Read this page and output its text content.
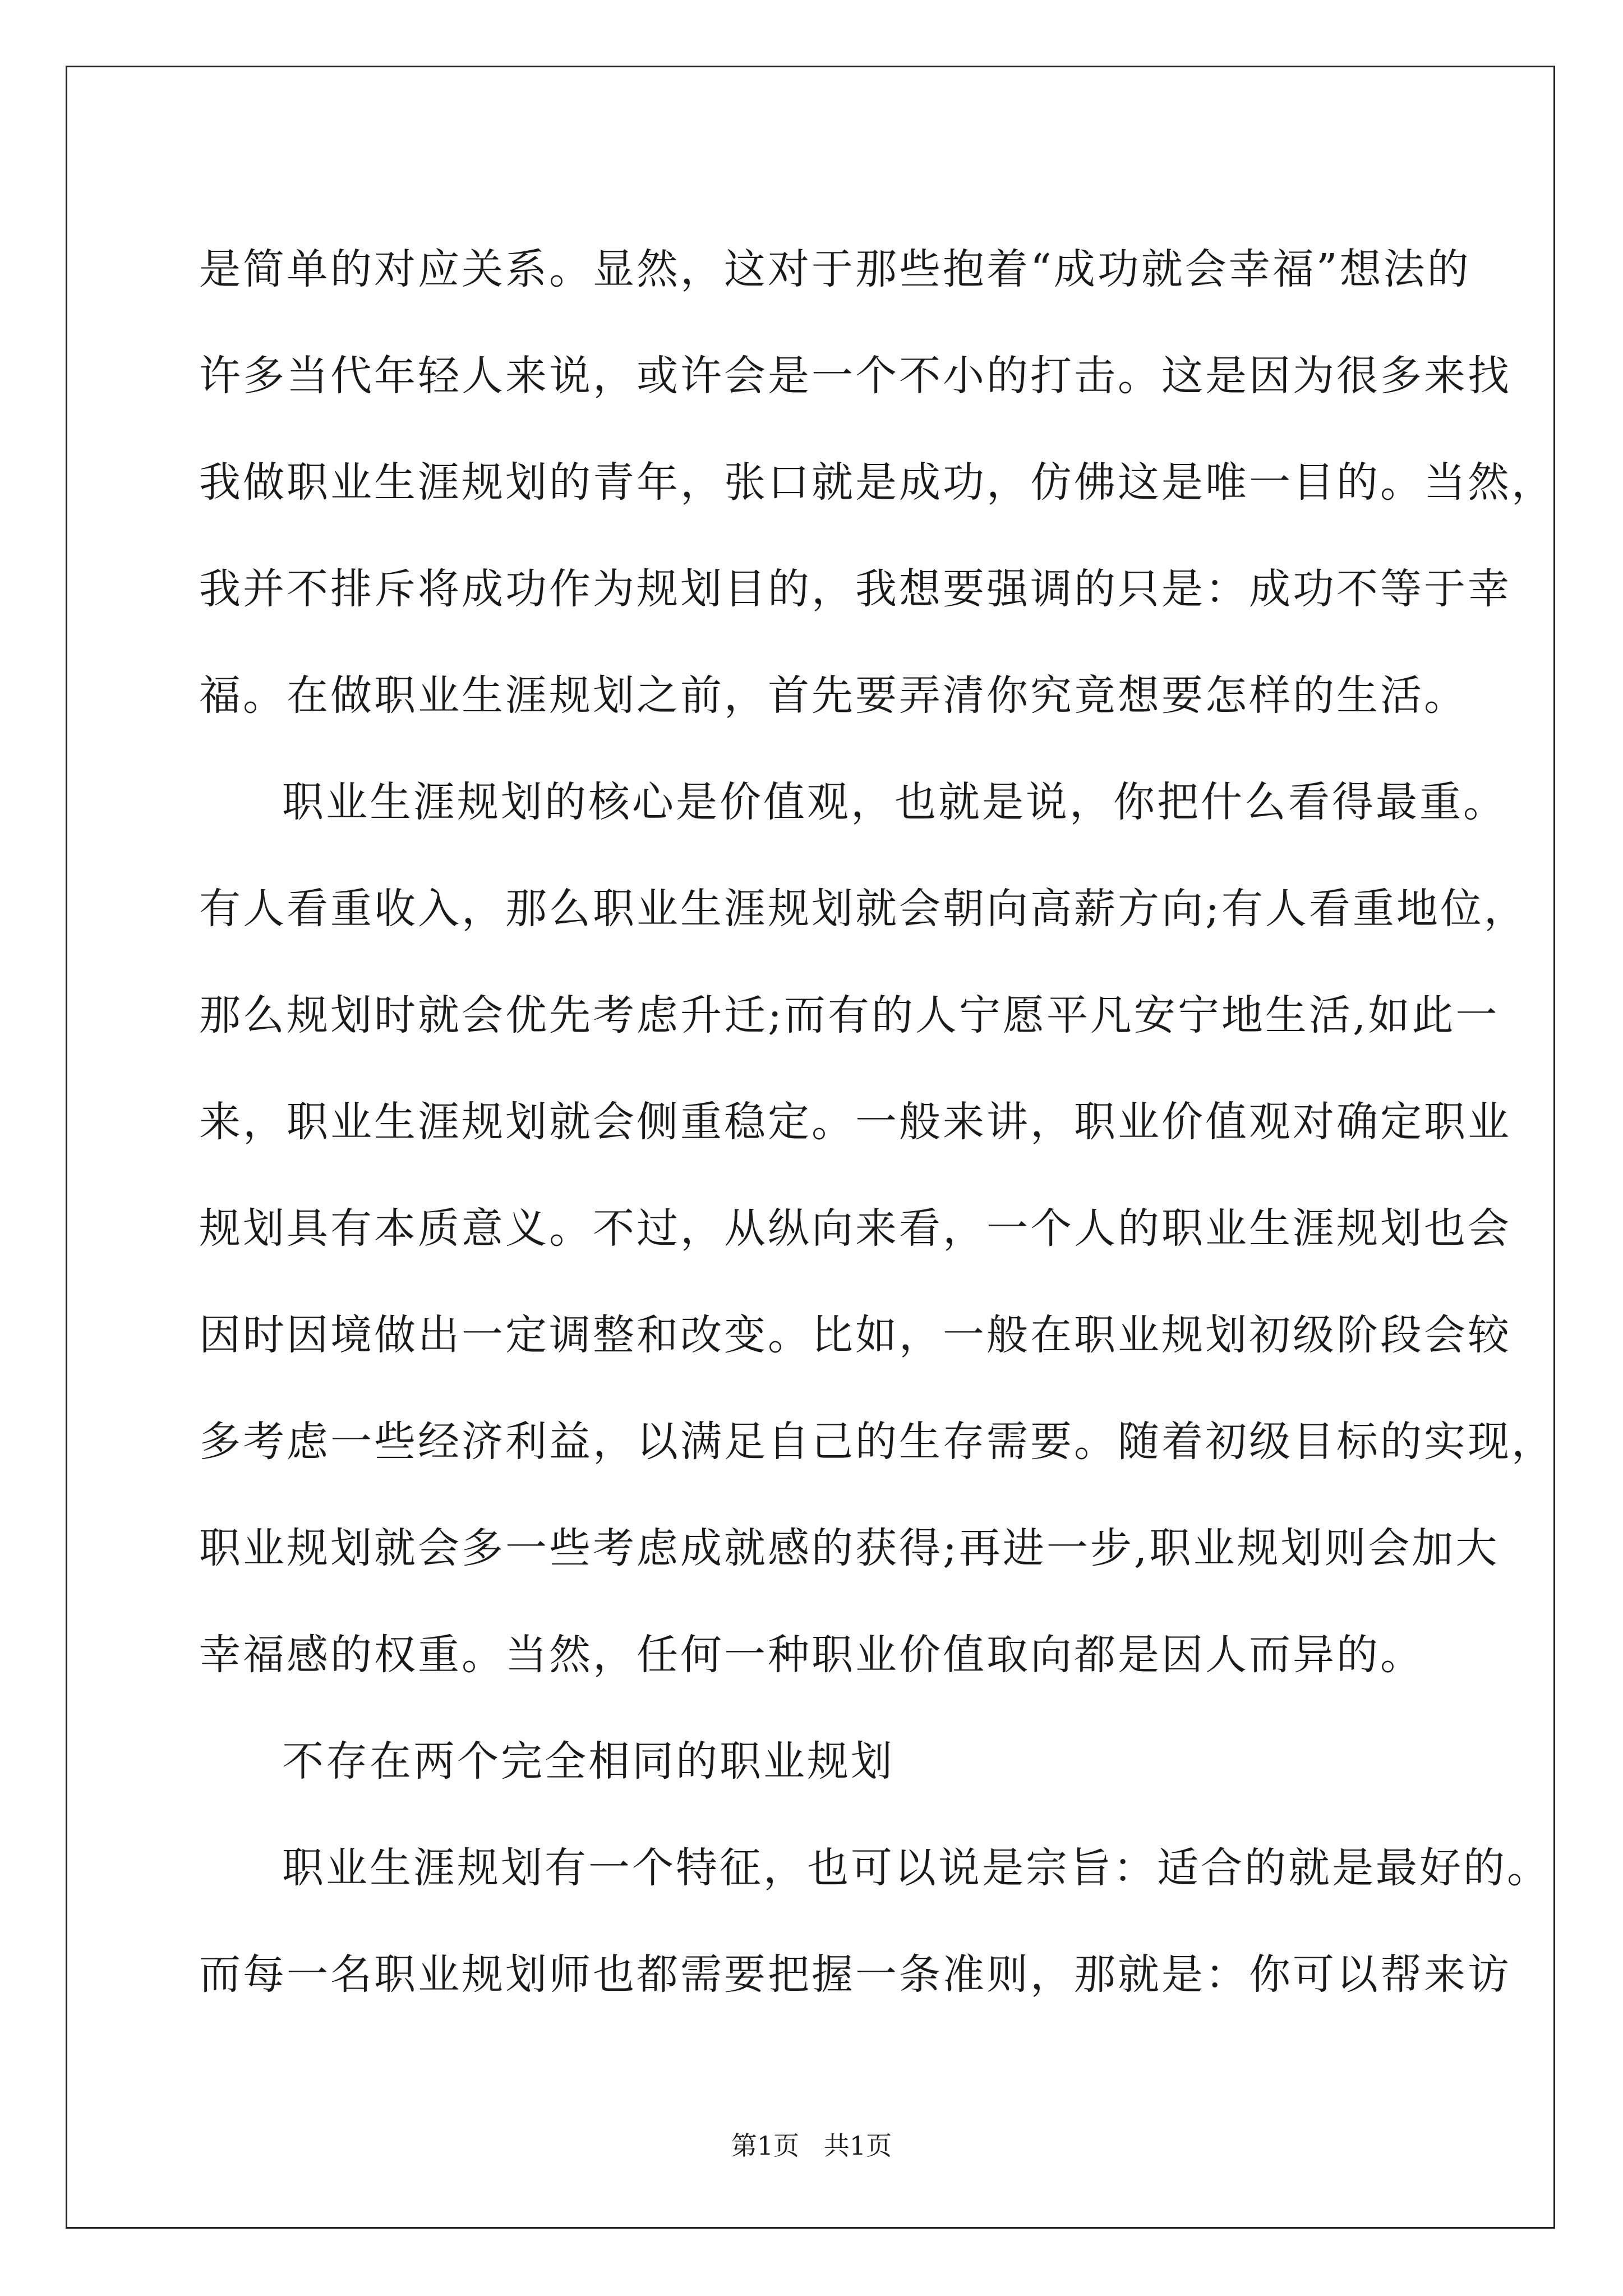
是简单的对应关系。显然，这对于那些抱着“成功就会幸福”想法的
许多当代年轻人来说，或许会是一个不小的打击。这是因为很多来找
我做职业生涯规划的青年，张口就是成功，仿佛这是唯一目的。当然，
我并不排斥将成功作为规划目的，我想要强调的只是：成功不等于幸
福。在做职业生涯规划之前，首先要弄清你究竟想要怎样的生活。
职业生涯规划的核心是价值观，也就是说，你把什么看得最重。
有人看重收入，那么职业生涯规划就会朝向高薪方向;有人看重地位，
那么规划时就会优先考虑升迁;而有的人宁愿平凡安宁地生活,如此一
来，职业生涯规划就会侧重稳定。一般来讲，职业价值观对确定职业
规划具有本质意义。不过，从纵向来看，一个人的职业生涯规划也会
因时因境做出一定调整和改变。比如，一般在职业规划初级阶段会较
多考虑一些经济利益，以满足自己的生存需要。随着初级目标的实现，
职业规划就会多一些考虑成就感的获得;再进一步,职业规划则会加大
幸福感的权重。当然，任何一种职业价值取向都是因人而异的。
不存在两个完全相同的职业规划
职业生涯规划有一个特征，也可以说是宗旨：适合的就是最好的。
而每一名职业规划师也都需要把握一条准则，那就是：你可以帮来访
第1页   共1页
